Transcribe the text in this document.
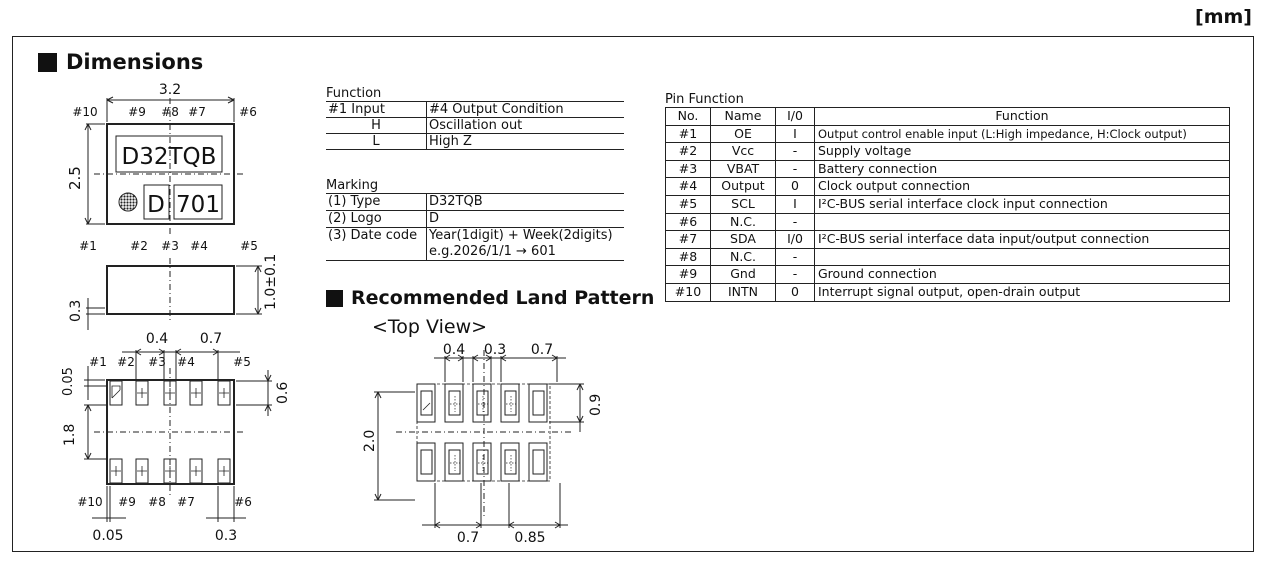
[mm]
Dimensions
3.2
2.5
D32TQB
D 701
#10	#9 #8 #7	#6
#1	#2 #3 #4	#5
1.0±0.1
0.3
0.4 0.7
#1 #2 #3 #4	#5
0.05	0.6
1.8
#10 #9 #8 #7	#6
0.05	0.3
0.4 0.3 0.7
0.9
2.0
0.7	0.85
Function
#1 Input	#4 Output Condition
H	Oscillation out
L	High Z
Marking
(1) Type	D32TQB
(2) Logo	D
(3) Date code	Year(1digit) + Week(2digits)
e.g.2026/1/1 → 601
Recommended Land Pattern
<Top View>
Pin Function
No.	Name	I/0	Function
#1	OE	I	Output control enable input (L:High impedance, H:Clock output)
#2	Vcc	-	Supply voltage
#3	VBAT	-	Battery connection
#4	Output	0	Clock output connection
#5	SCL	I	I²C-BUS serial interface clock input connection
#6	N.C.	-	
#7	SDA	I/0	I²C-BUS serial interface data input/output connection
#8	N.C.	-	
#9	Gnd	-	Ground connection
#10	INTN	0	Interrupt signal output, open-drain output
